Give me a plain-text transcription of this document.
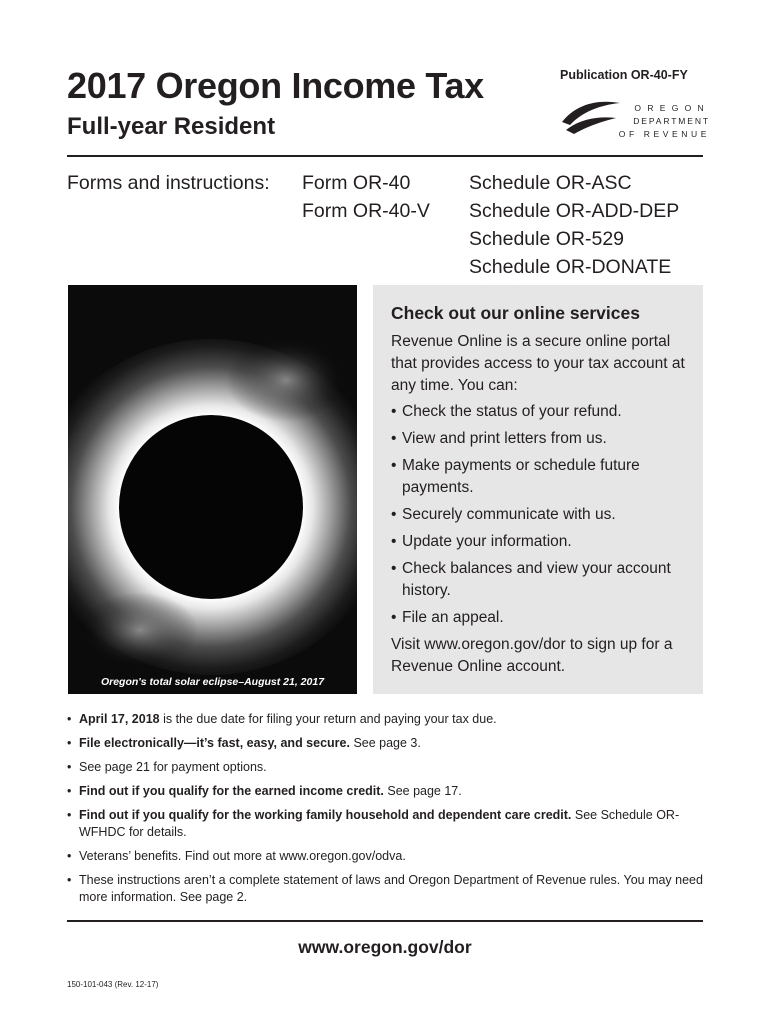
2017 Oregon Income Tax
Full-year Resident
Publication OR-40-FY
OREGON
DEPARTMENT
OF REVENUE
Forms and instructions: Form OR-40
Form OR-40-V
Schedule OR-ASC
Schedule OR-ADD-DEP
Schedule OR-529
Schedule OR-DONATE
Oregon's total solar eclipse–August 21, 2017
Check out our online services

Revenue Online is a secure online portal that provides access to your tax account at any time. You can:

• Check the status of your refund.
• View and print letters from us.
• Make payments or schedule future payments.
• Securely communicate with us.
• Update your information.
• Check balances and view your account history.
• File an appeal.

Visit www.oregon.gov/dor to sign up for a Revenue Online account.

• April 17, 2018 is the due date for filing your return and paying your tax due.
• File electronically—it’s fast, easy, and secure. See page 3.
• See page 21 for payment options.
• Find out if you qualify for the earned income credit. See page 17.
• Find out if you qualify for the working family household and dependent care credit. See Schedule OR-WFHDC for details.
• Veterans’ benefits. Find out more at www.oregon.gov/odva.
• These instructions aren’t a complete statement of laws and Oregon Department of Revenue rules. You may need more information. See page 2.
www.oregon.gov/dor
150-101-043 (Rev. 12-17)
